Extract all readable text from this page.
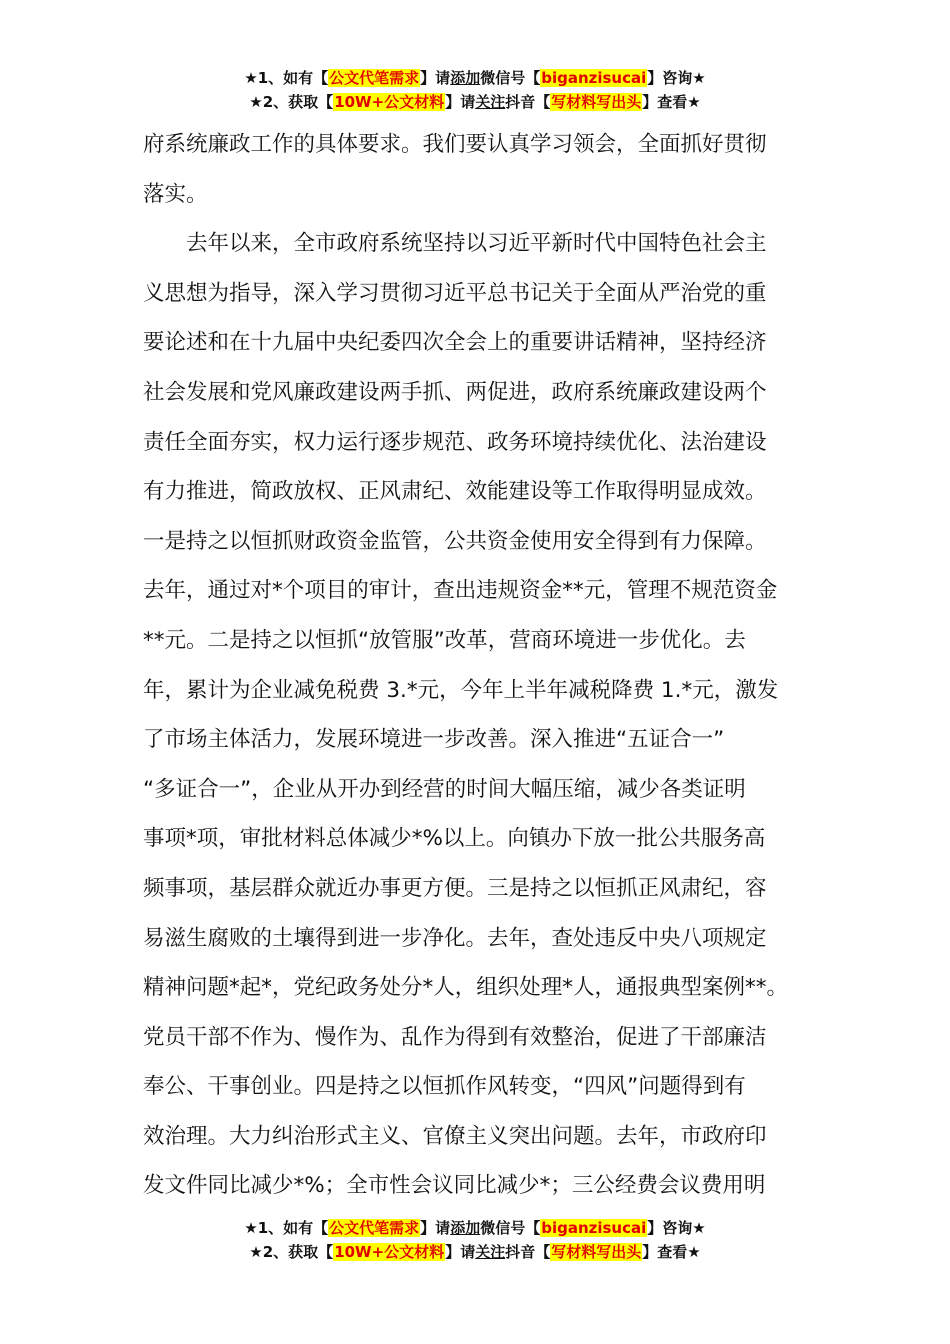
★1、如有【公文代笔需求】请添加微信号【biganzisucai】咨询★
★2、获取【10W+公文材料】请关注抖音【写材料写出头】查看★
府系统廉政工作的具体要求。我们要认真学习领会，全面抓好贯彻
落实。
去年以来，全市政府系统坚持以习近平新时代中国特色社会主
义思想为指导，深入学习贯彻习近平总书记关于全面从严治党的重
要论述和在十九届中央纪委四次全会上的重要讲话精神，坚持经济
社会发展和党风廉政建设两手抓、两促进，政府系统廉政建设两个
责任全面夯实，权力运行逐步规范、政务环境持续优化、法治建设
有力推进，简政放权、正风肃纪、效能建设等工作取得明显成效。
一是持之以恒抓财政资金监管，公共资金使用安全得到有力保障。
去年，通过对*个项目的审计，查出违规资金**元，管理不规范资金
**元。二是持之以恒抓“放管服”改革，营商环境进一步优化。去
年，累计为企业减免税费 3.*元，今年上半年减税降费 1.*元，激发
了市场主体活力，发展环境进一步改善。深入推进“五证合一”
“多证合一”，企业从开办到经营的时间大幅压缩，减少各类证明
事项*项，审批材料总体减少*%以上。向镇办下放一批公共服务高
频事项，基层群众就近办事更方便。三是持之以恒抓正风肃纪，容
易滋生腐败的土壤得到进一步净化。去年，查处违反中央八项规定
精神问题*起*，党纪政务处分*人，组织处理*人，通报典型案例**。
党员干部不作为、慢作为、乱作为得到有效整治，促进了干部廉洁
奉公、干事创业。四是持之以恒抓作风转变，“四风”问题得到有
效治理。大力纠治形式主义、官僚主义突出问题。去年，市政府印
发文件同比减少*%；全市性会议同比减少*；三公经费会议费用明
★1、如有【公文代笔需求】请添加微信号【biganzisucai】咨询★
★2、获取【10W+公文材料】请关注抖音【写材料写出头】查看★
